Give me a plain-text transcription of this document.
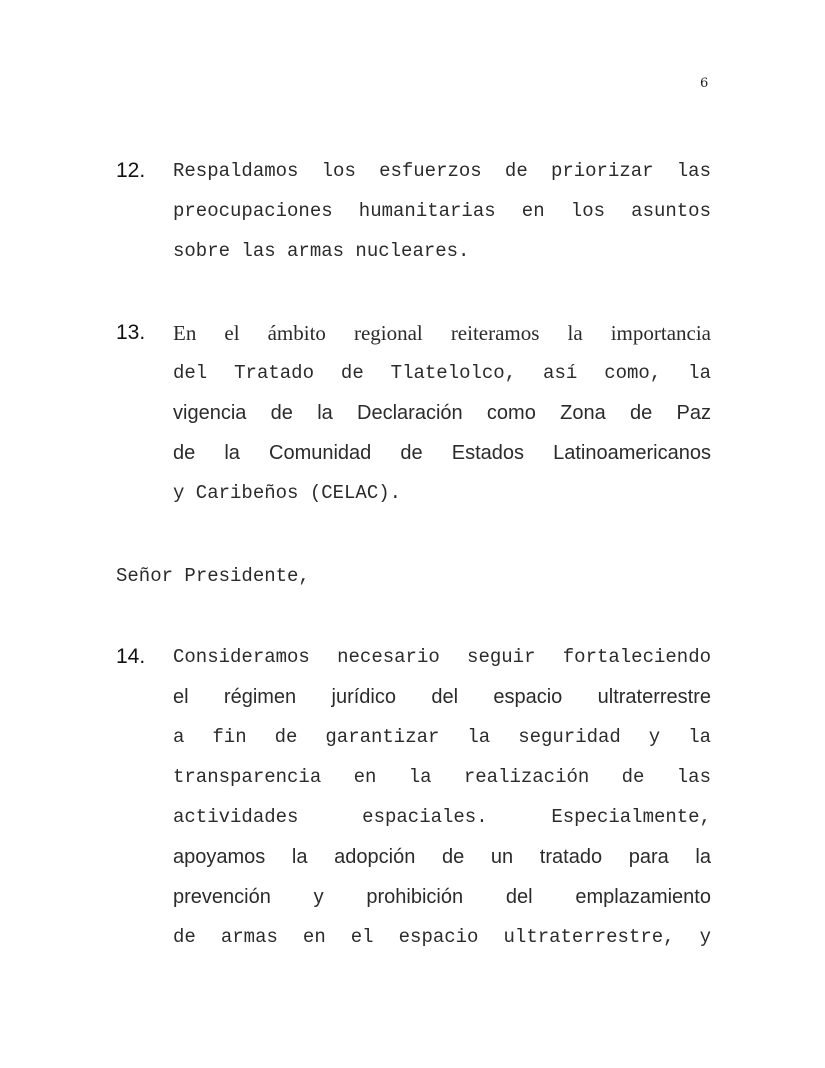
6
12. Respaldamos los esfuerzos de priorizar las
preocupaciones humanitarias en los asuntos
sobre las armas nucleares.
13. En el ámbito regional reiteramos la importancia
del Tratado de Tlatelolco, así como, la
vigencia de la Declaración como Zona de Paz
de la Comunidad de Estados Latinoamericanos
y Caribeños (CELAC).
Señor Presidente,
14. Consideramos necesario seguir fortaleciendo
el régimen jurídico del espacio ultraterrestre
a fin de garantizar la seguridad y la
transparencia en la realización de las
actividades espaciales. Especialmente,
apoyamos la adopción de un tratado para la
prevención y prohibición del emplazamiento
de armas en el espacio ultraterrestre, y
